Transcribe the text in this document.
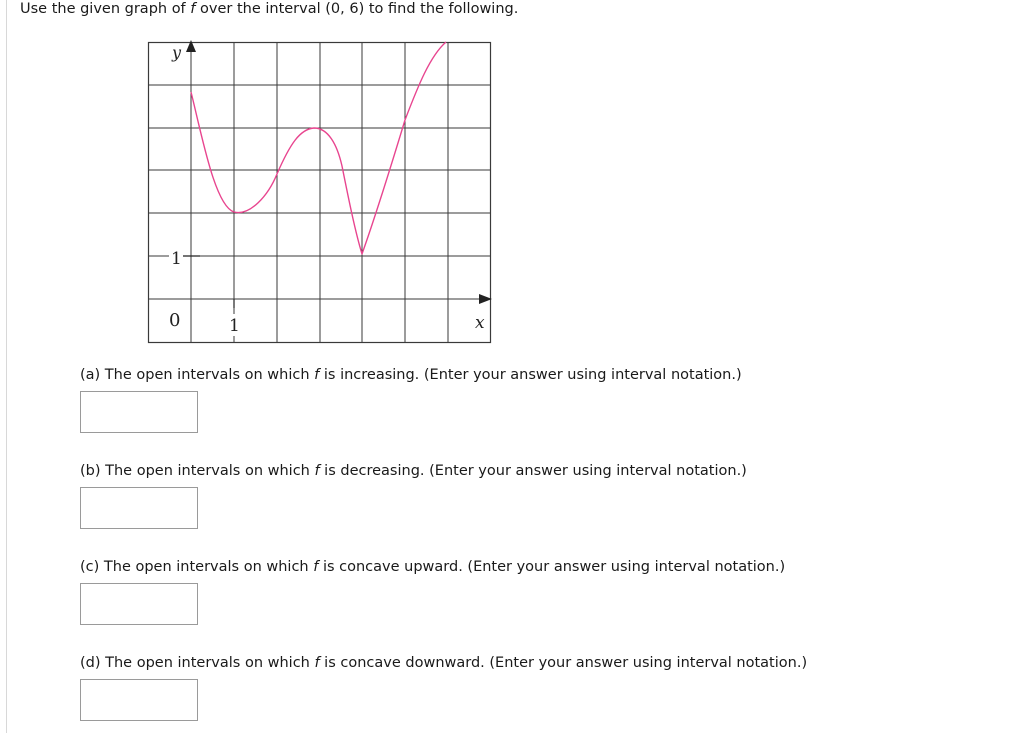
Use the given graph of f over the interval (0, 6) to find the following.
y
1
0	1	x
(a) The open intervals on which f is increasing. (Enter your answer using interval notation.)
(b) The open intervals on which f is decreasing. (Enter your answer using interval notation.)
(c) The open intervals on which f is concave upward. (Enter your answer using interval notation.)
(d) The open intervals on which f is concave downward. (Enter your answer using interval notation.)
